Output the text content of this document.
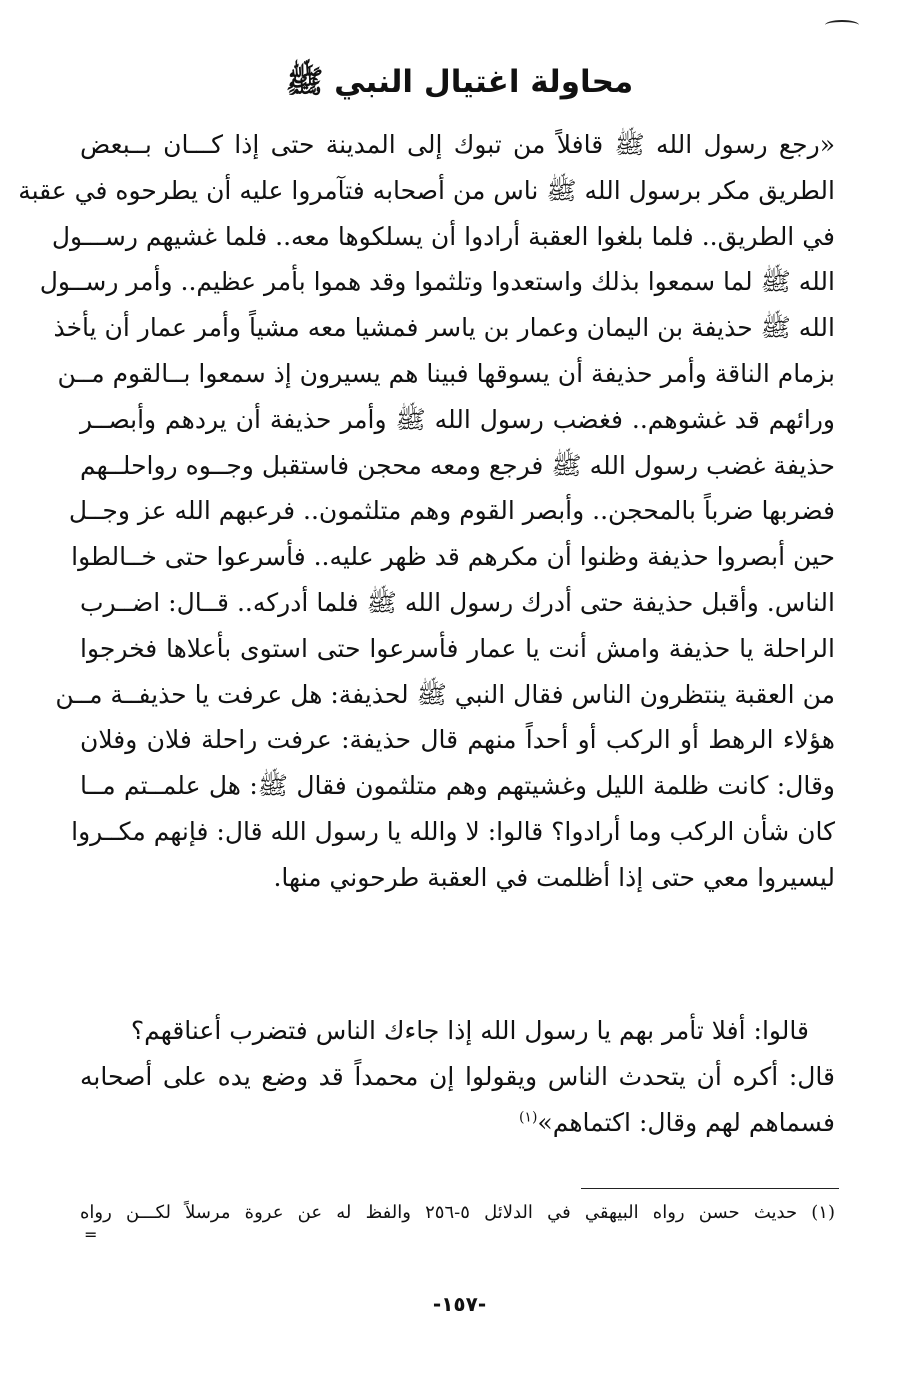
محاولة اغتيال النبي ﷺ
«رجع رسول الله ﷺ قافلاً من تبوك إلى المدينة حتى إذا كـــان بــبعض
الطريق مكر برسول الله ﷺ ناس من أصحابه فتآمروا عليه أن يطرحوه في عقبة
في الطريق.. فلما بلغوا العقبة أرادوا أن يسلكوها معه.. فلما غشيهم رســـول
الله ﷺ لما سمعوا بذلك واستعدوا وتلثموا وقد هموا بأمر عظيم.. وأمر رســول
الله ﷺ حذيفة بن اليمان وعمار بن ياسر فمشيا معه مشياً وأمر عمار أن يأخذ
بزمام الناقة وأمر حذيفة أن يسوقها فبينا هم يسيرون إذ سمعوا بــالقوم مــن
ورائهم قد غشوهم.. فغضب رسول الله ﷺ وأمر حذيفة أن يردهم وأبصــر
حذيفة غضب رسول الله ﷺ فرجع ومعه محجن فاستقبل وجــوه رواحلــهم
فضربها ضرباً بالمحجن.. وأبصر القوم وهم متلثمون.. فرعبهم الله عز وجــل
حين أبصروا حذيفة وظنوا أن مكرهم قد ظهر عليه.. فأسرعوا حتى خــالطوا
الناس. وأقبل حذيفة حتى أدرك رسول الله ﷺ فلما أدركه.. قــال: اضــرب
الراحلة يا حذيفة وامش أنت يا عمار فأسرعوا حتى استوى بأعلاها فخرجوا
من العقبة ينتظرون الناس فقال النبي ﷺ لحذيفة: هل عرفت يا حذيفــة مــن
هؤلاء الرهط أو الركب أو أحداً منهم قال حذيفة: عرفت راحلة فلان وفلان
وقال: كانت ظلمة الليل وغشيتهم وهم متلثمون فقال ﷺ: هل علمــتم مــا
كان شأن الركب وما أرادوا؟ قالوا: لا والله يا رسول الله قال: فإنهم مكــروا
ليسيروا معي حتى إذا أظلمت في العقبة طرحوني منها.
قالوا: أفلا تأمر بهم يا رسول الله إذا جاءك الناس فتضرب أعناقهم؟
قال: أكره أن يتحدث الناس ويقولوا إن محمداً قد وضع يده على أصحابه
فسماهم لهم وقال: اكتماهم»$^{(١)}$
(١) حديث حسن رواه البيهقي في الدلائل ٥-٢٥٦ والفظ له عن عروة مرسلاً لكـــن رواه
=
-١٥٧-
